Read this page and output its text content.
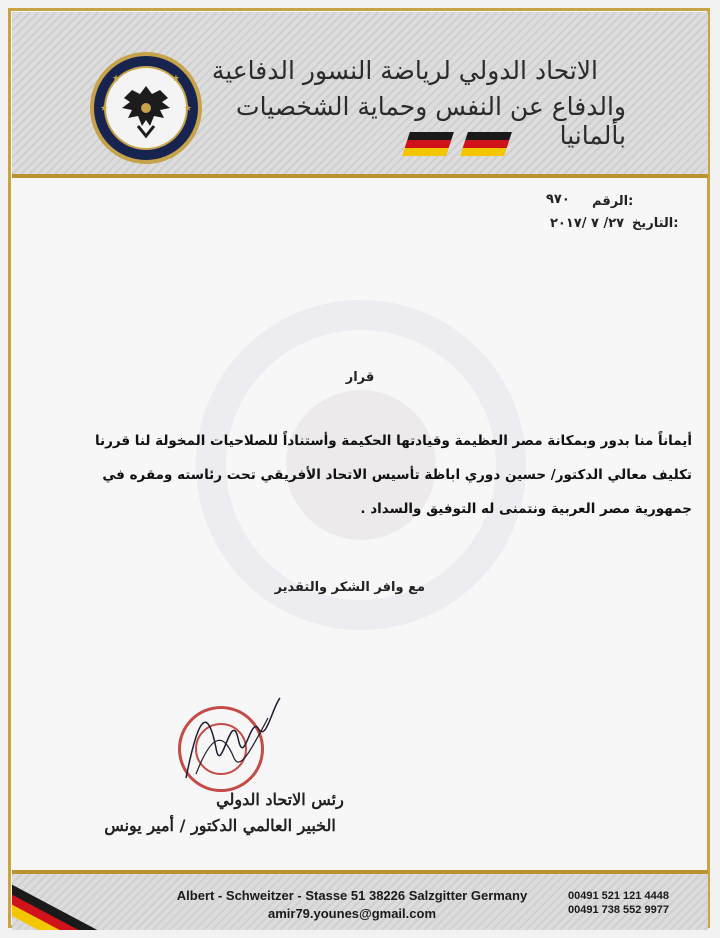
★	★
★	★	الاتحاد الدولي لرياضة النسور الدفاعية
والدفاع عن النفس وحماية الشخصيات بألمانيا
الرقم:
٩٧٠
التاريخ:
٢٧/ ٧ /٢٠١٧
قرار
أيماناً منا بدور وبمكانة مصر العظيمة وقيادتها الحكيمة وأستناداً للصلاحيات المخولة لنا قررنا تكليف معالي الدكتور/ حسين دوري اباظة تأسيس الاتحاد الأفريقي تحت رئاسته ومقره في جمهورية مصر العربية ونتمنى له التوفيق والسداد .
مع وافر الشكر والتقدير
رئس الاتحاد الدولي
الخبير العالمي الدكتور / أمير يونس
Albert - Schweitzer - Stasse 51 38226 Salzgitter Germany
amir79.younes@gmail.com
00491 521 121 4448
00491 738 552 9977
